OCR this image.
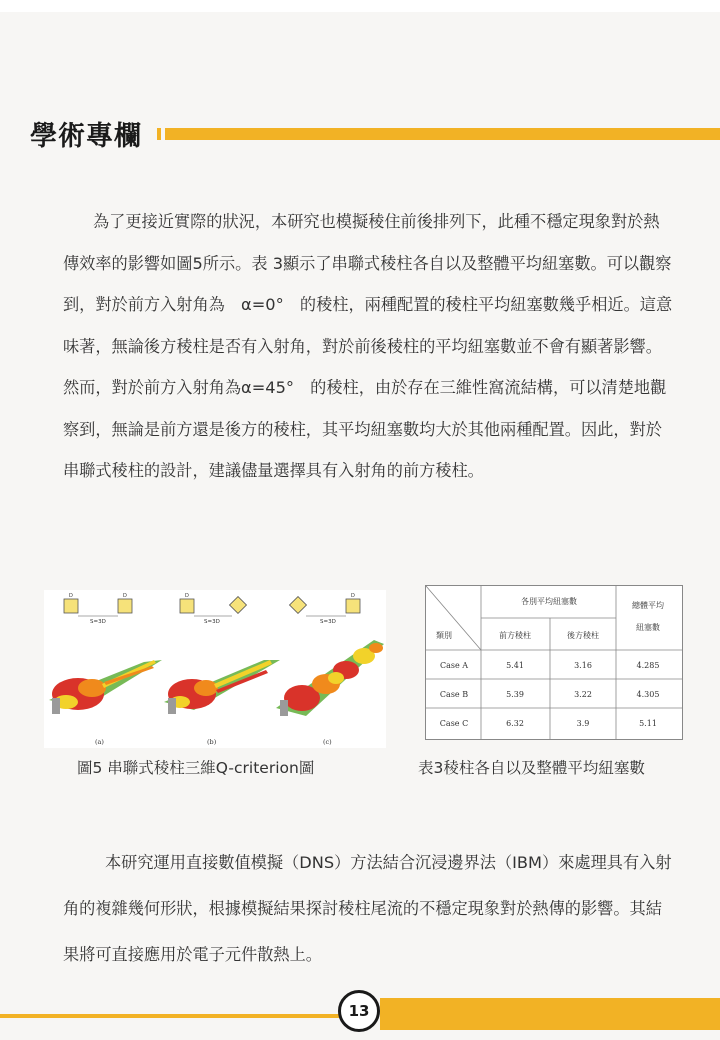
學術專欄

為了更接近實際的狀況，本研究也模擬稜住前後排列下，此種不穩定現象對於熱傳效率的影響如圖5所示。表 3顯示了串聯式稜柱各自以及整體平均紐塞數。可以觀察到，對於前方入射角為　α=0°　的稜柱，兩種配置的稜柱平均紐塞數幾乎相近。這意味著，無論後方稜柱是否有入射角，對於前後稜柱的平均紐塞數並不會有顯著影響。然而，對於前方入射角為α=45°　的稜柱，由於存在三維性窩流結構，可以清楚地觀察到，無論是前方還是後方的稜柱，其平均紐塞數均大於其他兩種配置。因此，對於串聯式稜柱的設計，建議儘量選擇具有入射角的前方稜柱。

S=3D
D	D
S=3D
D
S=3D
D
(a)	(b)	(c)
圖5 串聯式稜柱三維Q-criterion圖
各別平均紐塞數	總體平均
紐塞數
類別	前方稜柱	後方稜柱
Case A	5.41	3.16	4.285
Case B	5.39	3.22	4.305
Case C	6.32	3.9	5.11
表3稜柱各自以及整體平均紐塞數

本研究運用直接數值模擬（DNS）方法結合沉浸邊界法（IBM）來處理具有入射角的複雜幾何形狀，根據模擬結果探討稜柱尾流的不穩定現象對於熱傳的影響。其結果將可直接應用於電子元件散熱上。

13
